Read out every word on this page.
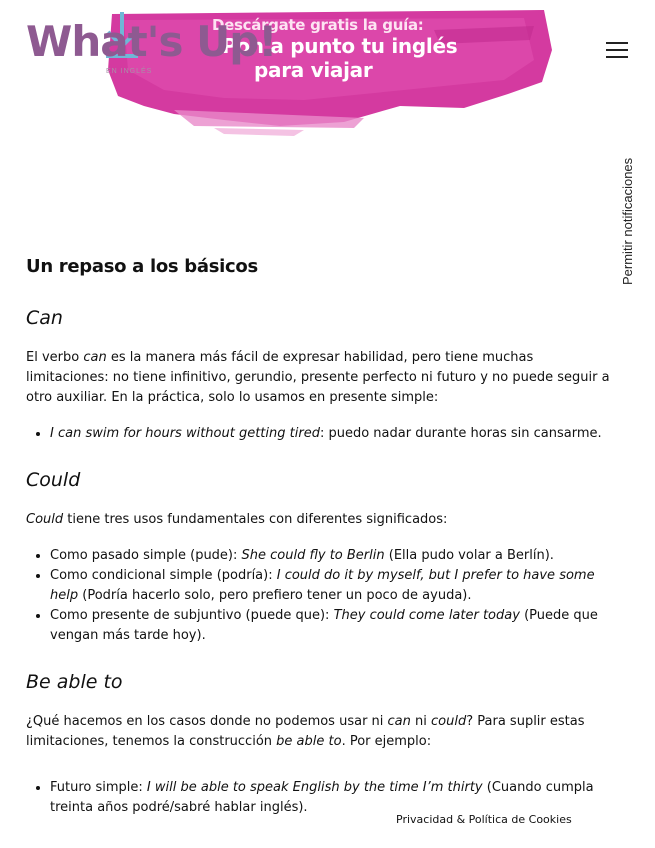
Descárgate gratis la guía:
Pon a punto tu inglés
para viajar
What's Up!
EN INGLÉS
Permitir notificaciones
Un repaso a los básicos
Can

El verbo can es la manera más fácil de expresar habilidad, pero tiene muchas limitaciones: no tiene infinitivo, gerundio, presente perfecto ni futuro y no puede seguir a otro auxiliar. En la práctica, solo lo usamos en presente simple:

• I can swim for hours without getting tired: puedo nadar durante horas sin cansarme.
Could

Could tiene tres usos fundamentales con diferentes significados:

• Como pasado simple (pude): She could fly to Berlin (Ella pudo volar a Berlín).
• Como condicional simple (podría): I could do it by myself, but I prefer to have some help (Podría hacerlo solo, pero prefiero tener un poco de ayuda).
• Como presente de subjuntivo (puede que): They could come later today (Puede que vengan más tarde hoy).
Be able to

¿Qué hacemos en los casos donde no podemos usar ni can ni could? Para suplir estas limitaciones, tenemos la construcción be able to. Por ejemplo:

• Futuro simple: I will be able to speak English by the time I’m thirty (Cuando cumpla treinta años podré/sabré hablar inglés).
Privacidad & Política de Cookies
